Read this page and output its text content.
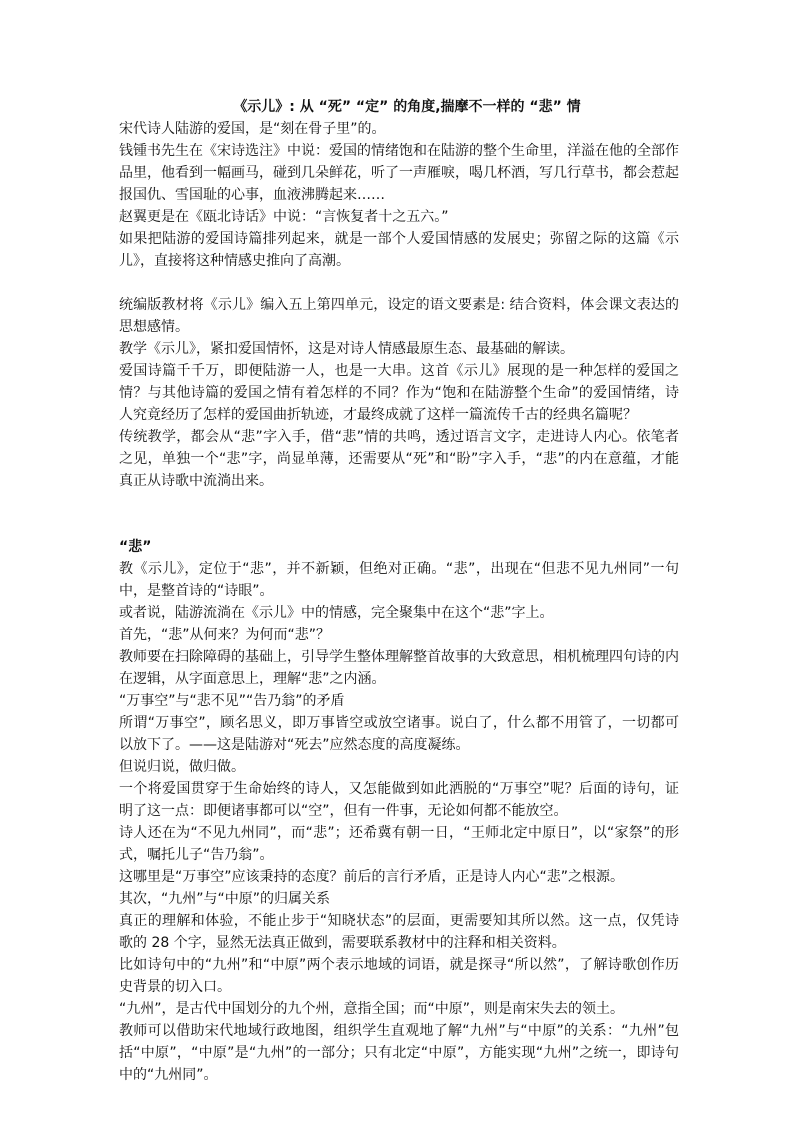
《示儿》: 从 “死” “定” 的角度,揣摩不一样的 “悲” 情

宋代诗人陆游的爱国，是“刻在骨子里”的。

钱锺书先生在《宋诗选注》中说：爱国的情绪饱和在陆游的整个生命里，洋溢在他的全部作品里，他看到一幅画马，碰到几朵鲜花，听了一声雁唳，喝几杯酒，写几行草书，都会惹起报国仇、雪国耻的心事，血液沸腾起来……

赵翼更是在《瓯北诗话》中说：“言恢复者十之五六。”

如果把陆游的爱国诗篇排列起来，就是一部个人爱国情感的发展史；弥留之际的这篇《示儿》，直接将这种情感史推向了高潮。

统编版教材将《示儿》编入五上第四单元，设定的语文要素是: 结合资料，体会课文表达的思想感情。

教学《示儿》，紧扣爱国情怀，这是对诗人情感最原生态、最基础的解读。

爱国诗篇千千万，即便陆游一人，也是一大串。这首《示儿》展现的是一种怎样的爱国之情？与其他诗篇的爱国之情有着怎样的不同？作为“饱和在陆游整个生命”的爱国情绪，诗人究竟经历了怎样的爱国曲折轨迹，才最终成就了这样一篇流传千古的经典名篇呢？

传统教学，都会从“悲”字入手，借“悲”情的共鸣，透过语言文字，走进诗人内心。依笔者之见，单独一个“悲”字，尚显单薄，还需要从“死”和“盼”字入手，“悲”的内在意蕴，才能真正从诗歌中流淌出来。

“悲”

教《示儿》，定位于“悲”，并不新颖，但绝对正确。“悲”，出现在“但悲不见九州同”一句中，是整首诗的“诗眼”。

或者说，陆游流淌在《示儿》中的情感，完全聚集中在这个“悲”字上。

首先，“悲”从何来？为何而“悲”？

教师要在扫除障碍的基础上，引导学生整体理解整首故事的大致意思，相机梳理四句诗的内在逻辑，从字面意思上，理解“悲”之内涵。

“万事空”与“悲不见”“告乃翁”的矛盾

所谓“万事空”，顾名思义，即万事皆空或放空诸事。说白了，什么都不用管了，一切都可以放下了。——这是陆游对“死去”应然态度的高度凝练。

但说归说，做归做。

一个将爱国贯穿于生命始终的诗人，又怎能做到如此洒脱的“万事空”呢？后面的诗句，证明了这一点：即便诸事都可以“空”，但有一件事，无论如何都不能放空。

诗人还在为“不见九州同”，而“悲”；还希冀有朝一日，“王师北定中原日”，以“家祭”的形式，嘱托儿子“告乃翁”。

这哪里是“万事空”应该秉持的态度？前后的言行矛盾，正是诗人内心“悲”之根源。

其次，“九州”与“中原”的归属关系

真正的理解和体验，不能止步于“知晓状态”的层面，更需要知其所以然。这一点，仅凭诗歌的 28 个字，显然无法真正做到，需要联系教材中的注释和相关资料。

比如诗句中的“九州”和“中原”两个表示地域的词语，就是探寻“所以然”，了解诗歌创作历史背景的切入口。

“九州”，是古代中国划分的九个州，意指全国；而“中原”，则是南宋失去的领土。

教师可以借助宋代地域行政地图，组织学生直观地了解“九州”与“中原”的关系：“九州”包括“中原”，“中原”是“九州”的一部分；只有北定“中原”，方能实现“九州”之统一，即诗句中的“九州同”。
